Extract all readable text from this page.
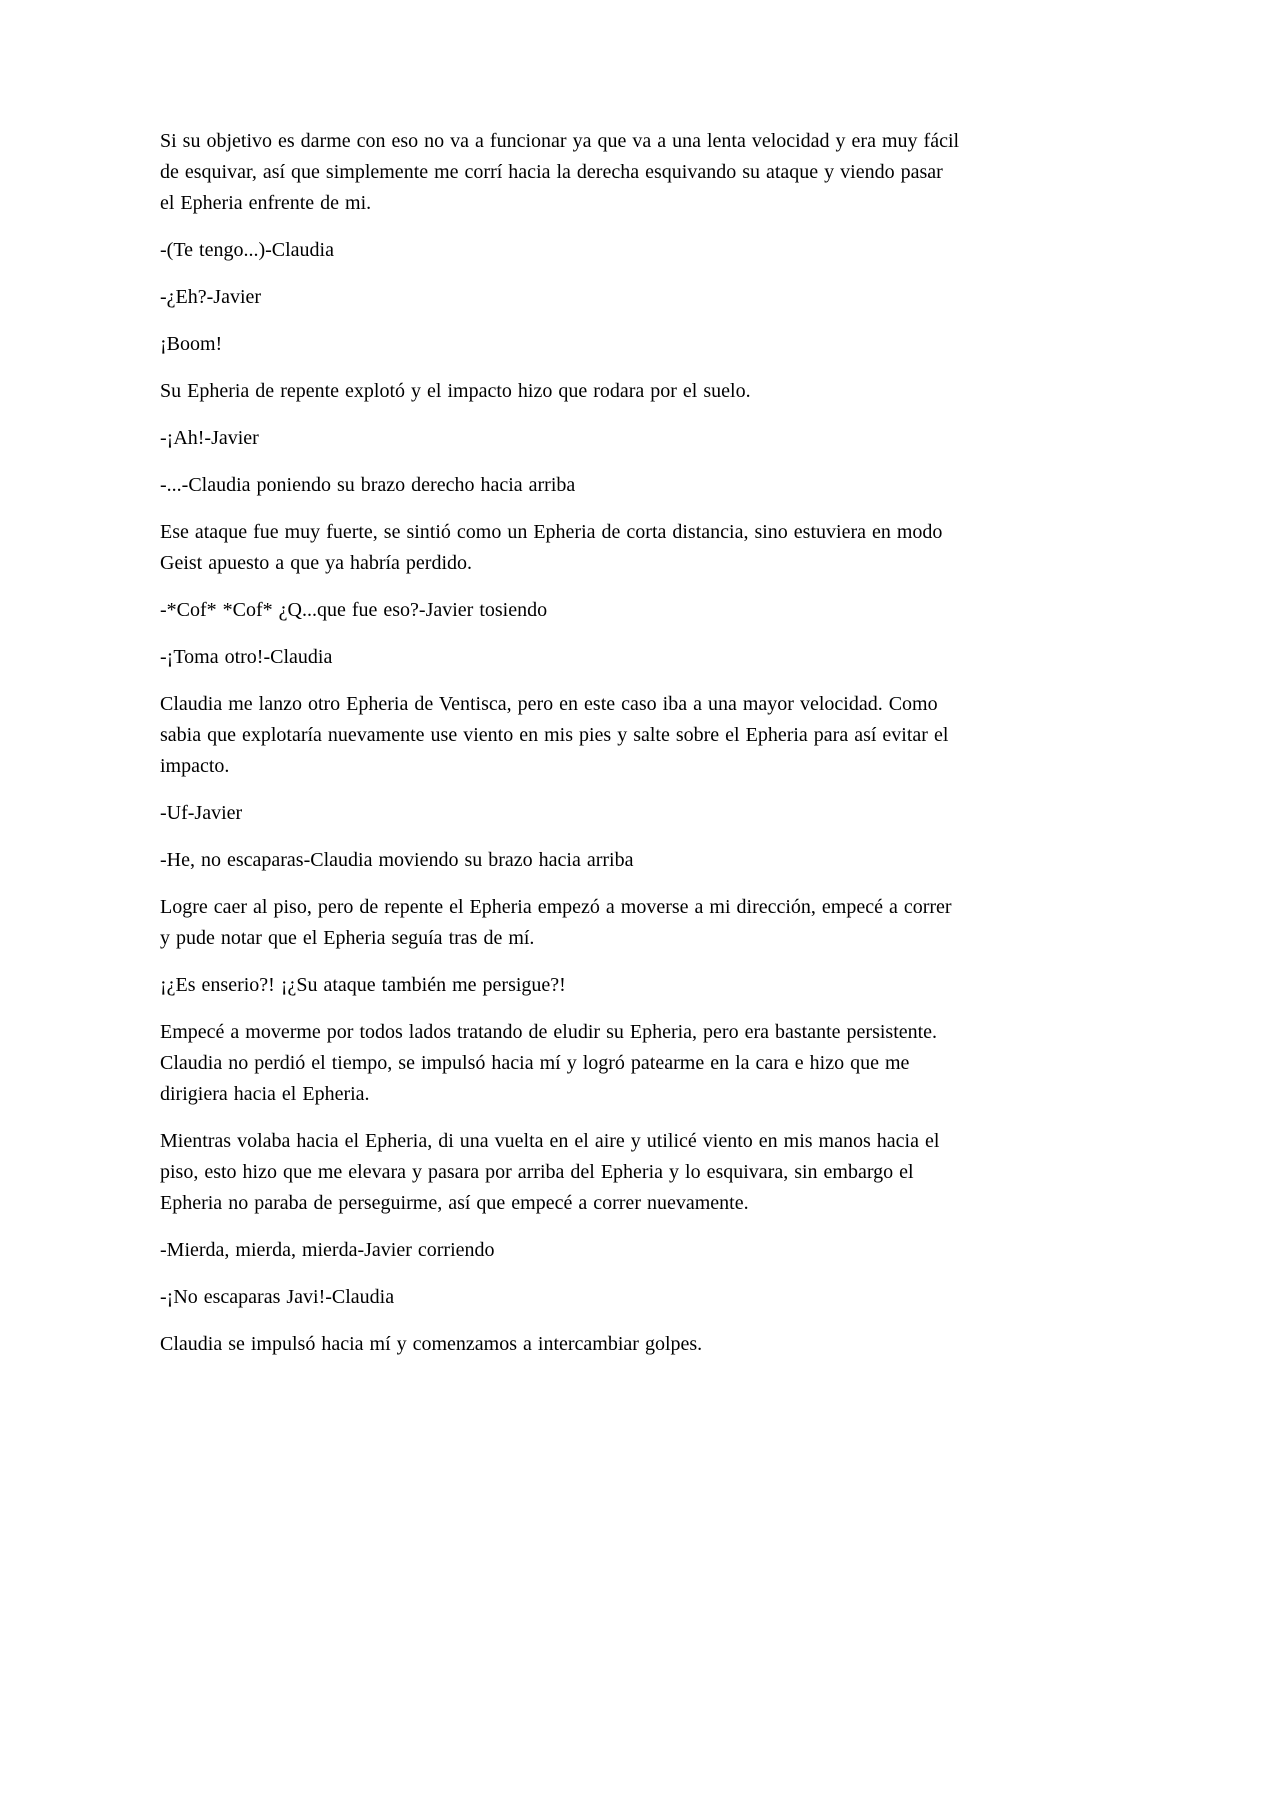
Si su objetivo es darme con eso no va a funcionar ya que va a una lenta velocidad y era muy fácil de esquivar, así que simplemente me corrí hacia la derecha esquivando su ataque y viendo pasar el Epheria enfrente de mi.

-(Te tengo...)-Claudia

-¿Eh?-Javier

¡Boom!

Su Epheria de repente explotó y el impacto hizo que rodara por el suelo.

-¡Ah!-Javier

-...-Claudia poniendo su brazo derecho hacia arriba

Ese ataque fue muy fuerte, se sintió como un Epheria de corta distancia, sino estuviera en modo Geist apuesto a que ya habría perdido.

-*Cof* *Cof* ¿Q...que fue eso?-Javier tosiendo

-¡Toma otro!-Claudia

Claudia me lanzo otro Epheria de Ventisca, pero en este caso iba a una mayor velocidad. Como sabia que explotaría nuevamente use viento en mis pies y salte sobre el Epheria para así evitar el impacto.

-Uf-Javier

-He, no escaparas-Claudia moviendo su brazo hacia arriba

Logre caer al piso, pero de repente el Epheria empezó a moverse a mi dirección, empecé a correr y pude notar que el Epheria seguía tras de mí.

¡¿Es enserio?! ¡¿Su ataque también me persigue?!

Empecé a moverme por todos lados tratando de eludir su Epheria, pero era bastante persistente. Claudia no perdió el tiempo, se impulsó hacia mí y logró patearme en la cara e hizo que me dirigiera hacia el Epheria.

Mientras volaba hacia el Epheria, di una vuelta en el aire y utilicé viento en mis manos hacia el piso, esto hizo que me elevara y pasara por arriba del Epheria y lo esquivara, sin embargo el Epheria no paraba de perseguirme, así que empecé a correr nuevamente.

-Mierda, mierda, mierda-Javier corriendo

-¡No escaparas Javi!-Claudia

Claudia se impulsó hacia mí y comenzamos a intercambiar golpes.
